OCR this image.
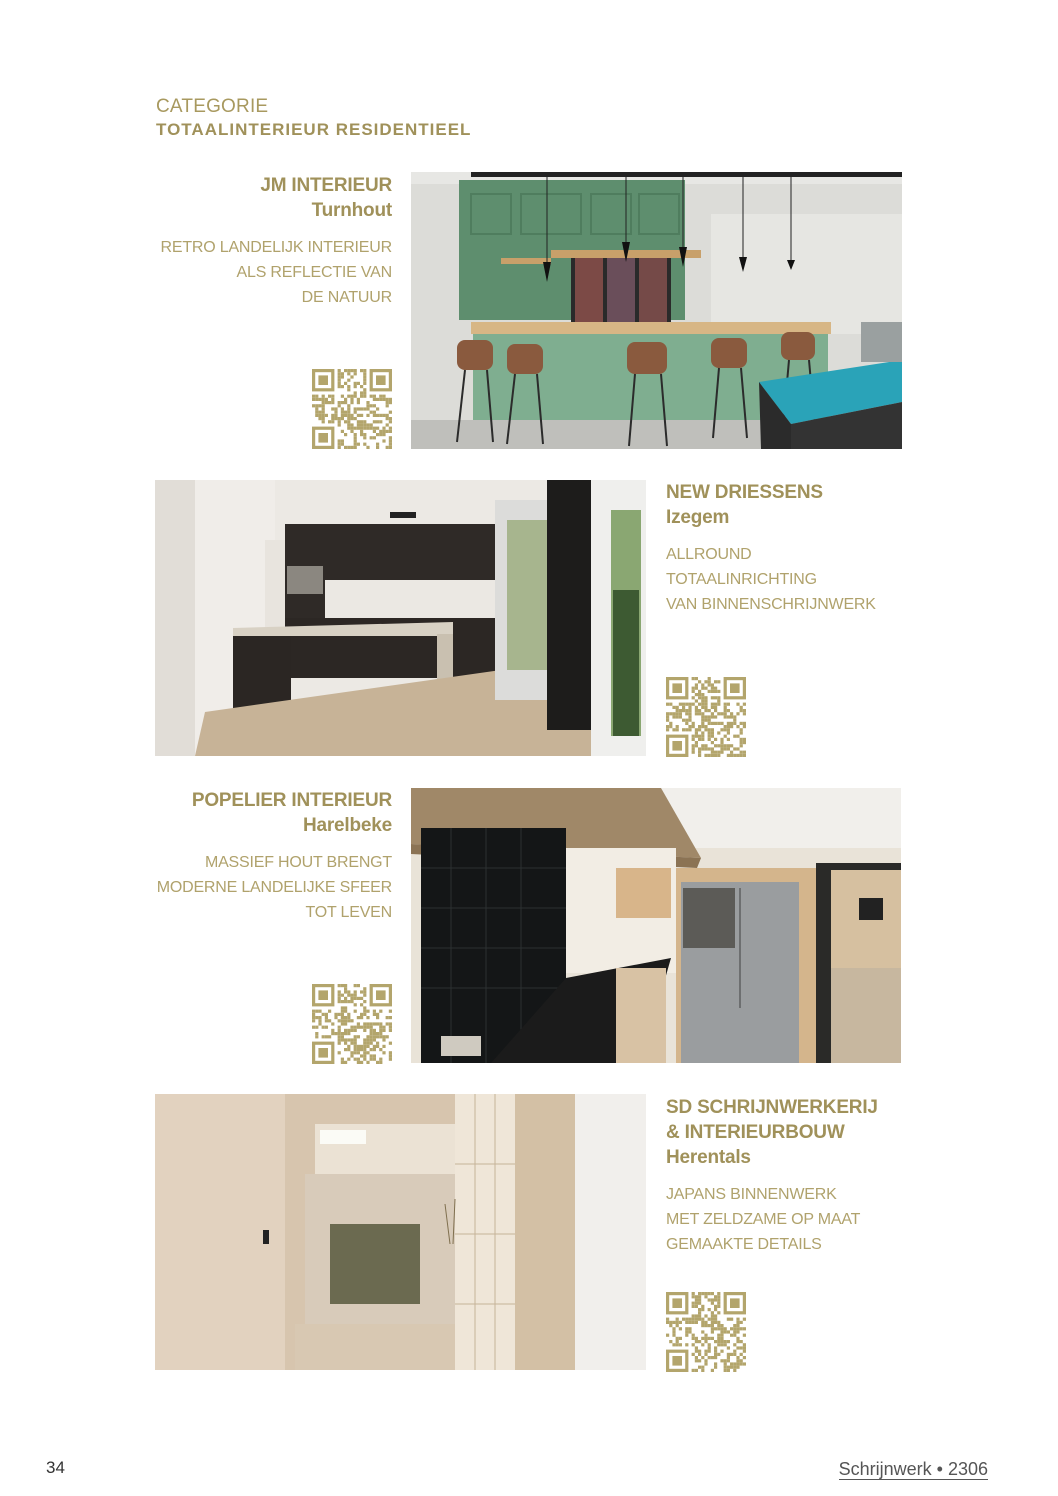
CATEGORIE
TOTAALINTERIEUR RESIDENTIEEL
JM INTERIEUR
Turnhout
RETRO LANDELIJK INTERIEUR
ALS REFLECTIE VAN
DE NATUUR
NEW DRIESSENS
Izegem
ALLROUND TOTAALINRICHTING
VAN BINNENSCHRIJNWERK
POPELIER INTERIEUR
Harelbeke
MASSIEF HOUT BRENGT
MODERNE LANDELIJKE SFEER
TOT LEVEN
SD SCHRIJNWERKERIJ
& INTERIEURBOUW
Herentals
JAPANS BINNENWERK
MET ZELDZAME OP MAAT
GEMAAKTE DETAILS
34	Schrijnwerk • 2306
